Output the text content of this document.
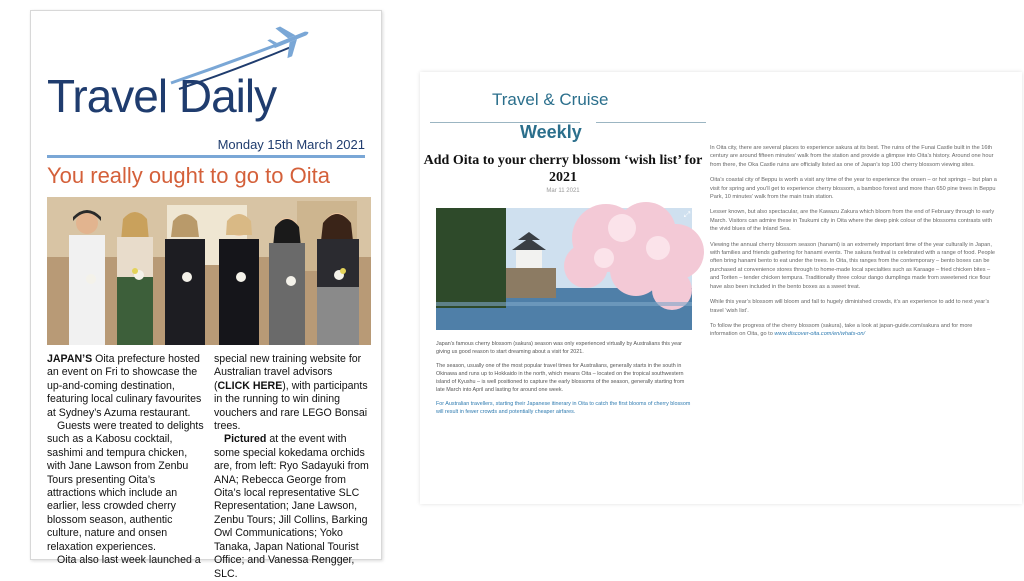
Travel Daily
Monday 15th March 2021
You really ought to go to Oita

JAPAN’S Oita prefecture hosted an event on Fri to showcase the up-and-coming destination, featuring local culinary favourites at Sydney’s Azuma restaurant.

Guests were treated to delights such as a Kabosu cocktail, sashimi and tempura chicken, with Jane Lawson from Zenbu Tours presenting Oita’s attractions which include an earlier, less crowded cherry blossom season, authentic culture, nature and onsen relaxation experiences.

Oita also last week launched a

special new training website for Australian travel advisors (CLICK HERE), with participants in the running to win dining vouchers and rare LEGO Bonsai trees.

Pictured at the event with some special kokedama orchids are, from left: Ryo Sadayuki from ANA; Rebecca George from Oita’s local representative SLC Representation; Jane Lawson, Zenbu Tours; Jill Collins, Barking Owl Communications; Yoko Tanaka, Japan National Tourist Office; and Vanessa Rengger, SLC.

Travel & Cruise
Weekly
Add Oita to your cherry blossom ‘wish list’ for 2021
Mar 11 2021
⤢

Japan’s famous cherry blossom (sakura) season was only experienced virtually by Australians this year giving us good reason to start dreaming about a visit for 2021.

The season, usually one of the most popular travel times for Australians, generally starts in the south in Okinawa and runs up to Hokkaido in the north, which means Oita – located on the tropical southwestern island of Kyushu – is well positioned to capture the early blossoms of the season, generally starting from late March into April and lasting for around one week.

For Australian travellers, starting their Japanese itinerary in Oita to catch the first blooms of cherry blossom will result in fewer crowds and potentially cheaper airfares.

In Oita city, there are several places to experience sakura at its best. The ruins of the Funai Castle built in the 16th century are around fifteen minutes’ walk from the station and provide a glimpse into Oita’s history. Around one hour from there, the Oka Castle ruins are officially listed as one of Japan’s top 100 cherry blossom viewing sites.

Oita’s coastal city of Beppu is worth a visit any time of the year to experience the onsen – or hot springs – but plan a visit for spring and you’ll get to experience cherry blossom, a bamboo forest and more than 650 pine trees in Beppu Park, 10 minutes’ walk from the main train station.

Lesser known, but also spectacular, are the Kawazu Zakura which bloom from the end of February through to early March. Visitors can admire these in Tsukumi city in Oita where the deep pink colour of the blossoms contrasts with the vivid blues of the Inland Sea.

Viewing the annual cherry blossom season (hanami) is an extremely important time of the year culturally in Japan, with families and friends gathering for hanami events. The sakura festival is celebrated with a range of food. People often bring hanami bento to eat under the trees. In Oita, this ranges from the contemporary – bento boxes can be purchased at convenience stores through to home-made local specialties such as Karaage – fried chicken bites – and Toriten – tender chicken tempura. Traditionally three colour dango dumplings made from sweetened rice flour have also been included in the bento boxes as a sweet treat.

While this year’s blossom will bloom and fall to hugely diminished crowds, it’s an experience to add to next year’s travel ‘wish list’.

To follow the progress of the cherry blossom (sakura), take a look at japan-guide.com/sakura and for more information on Oita, go to www.discover-oita.com/en/whats-on/
